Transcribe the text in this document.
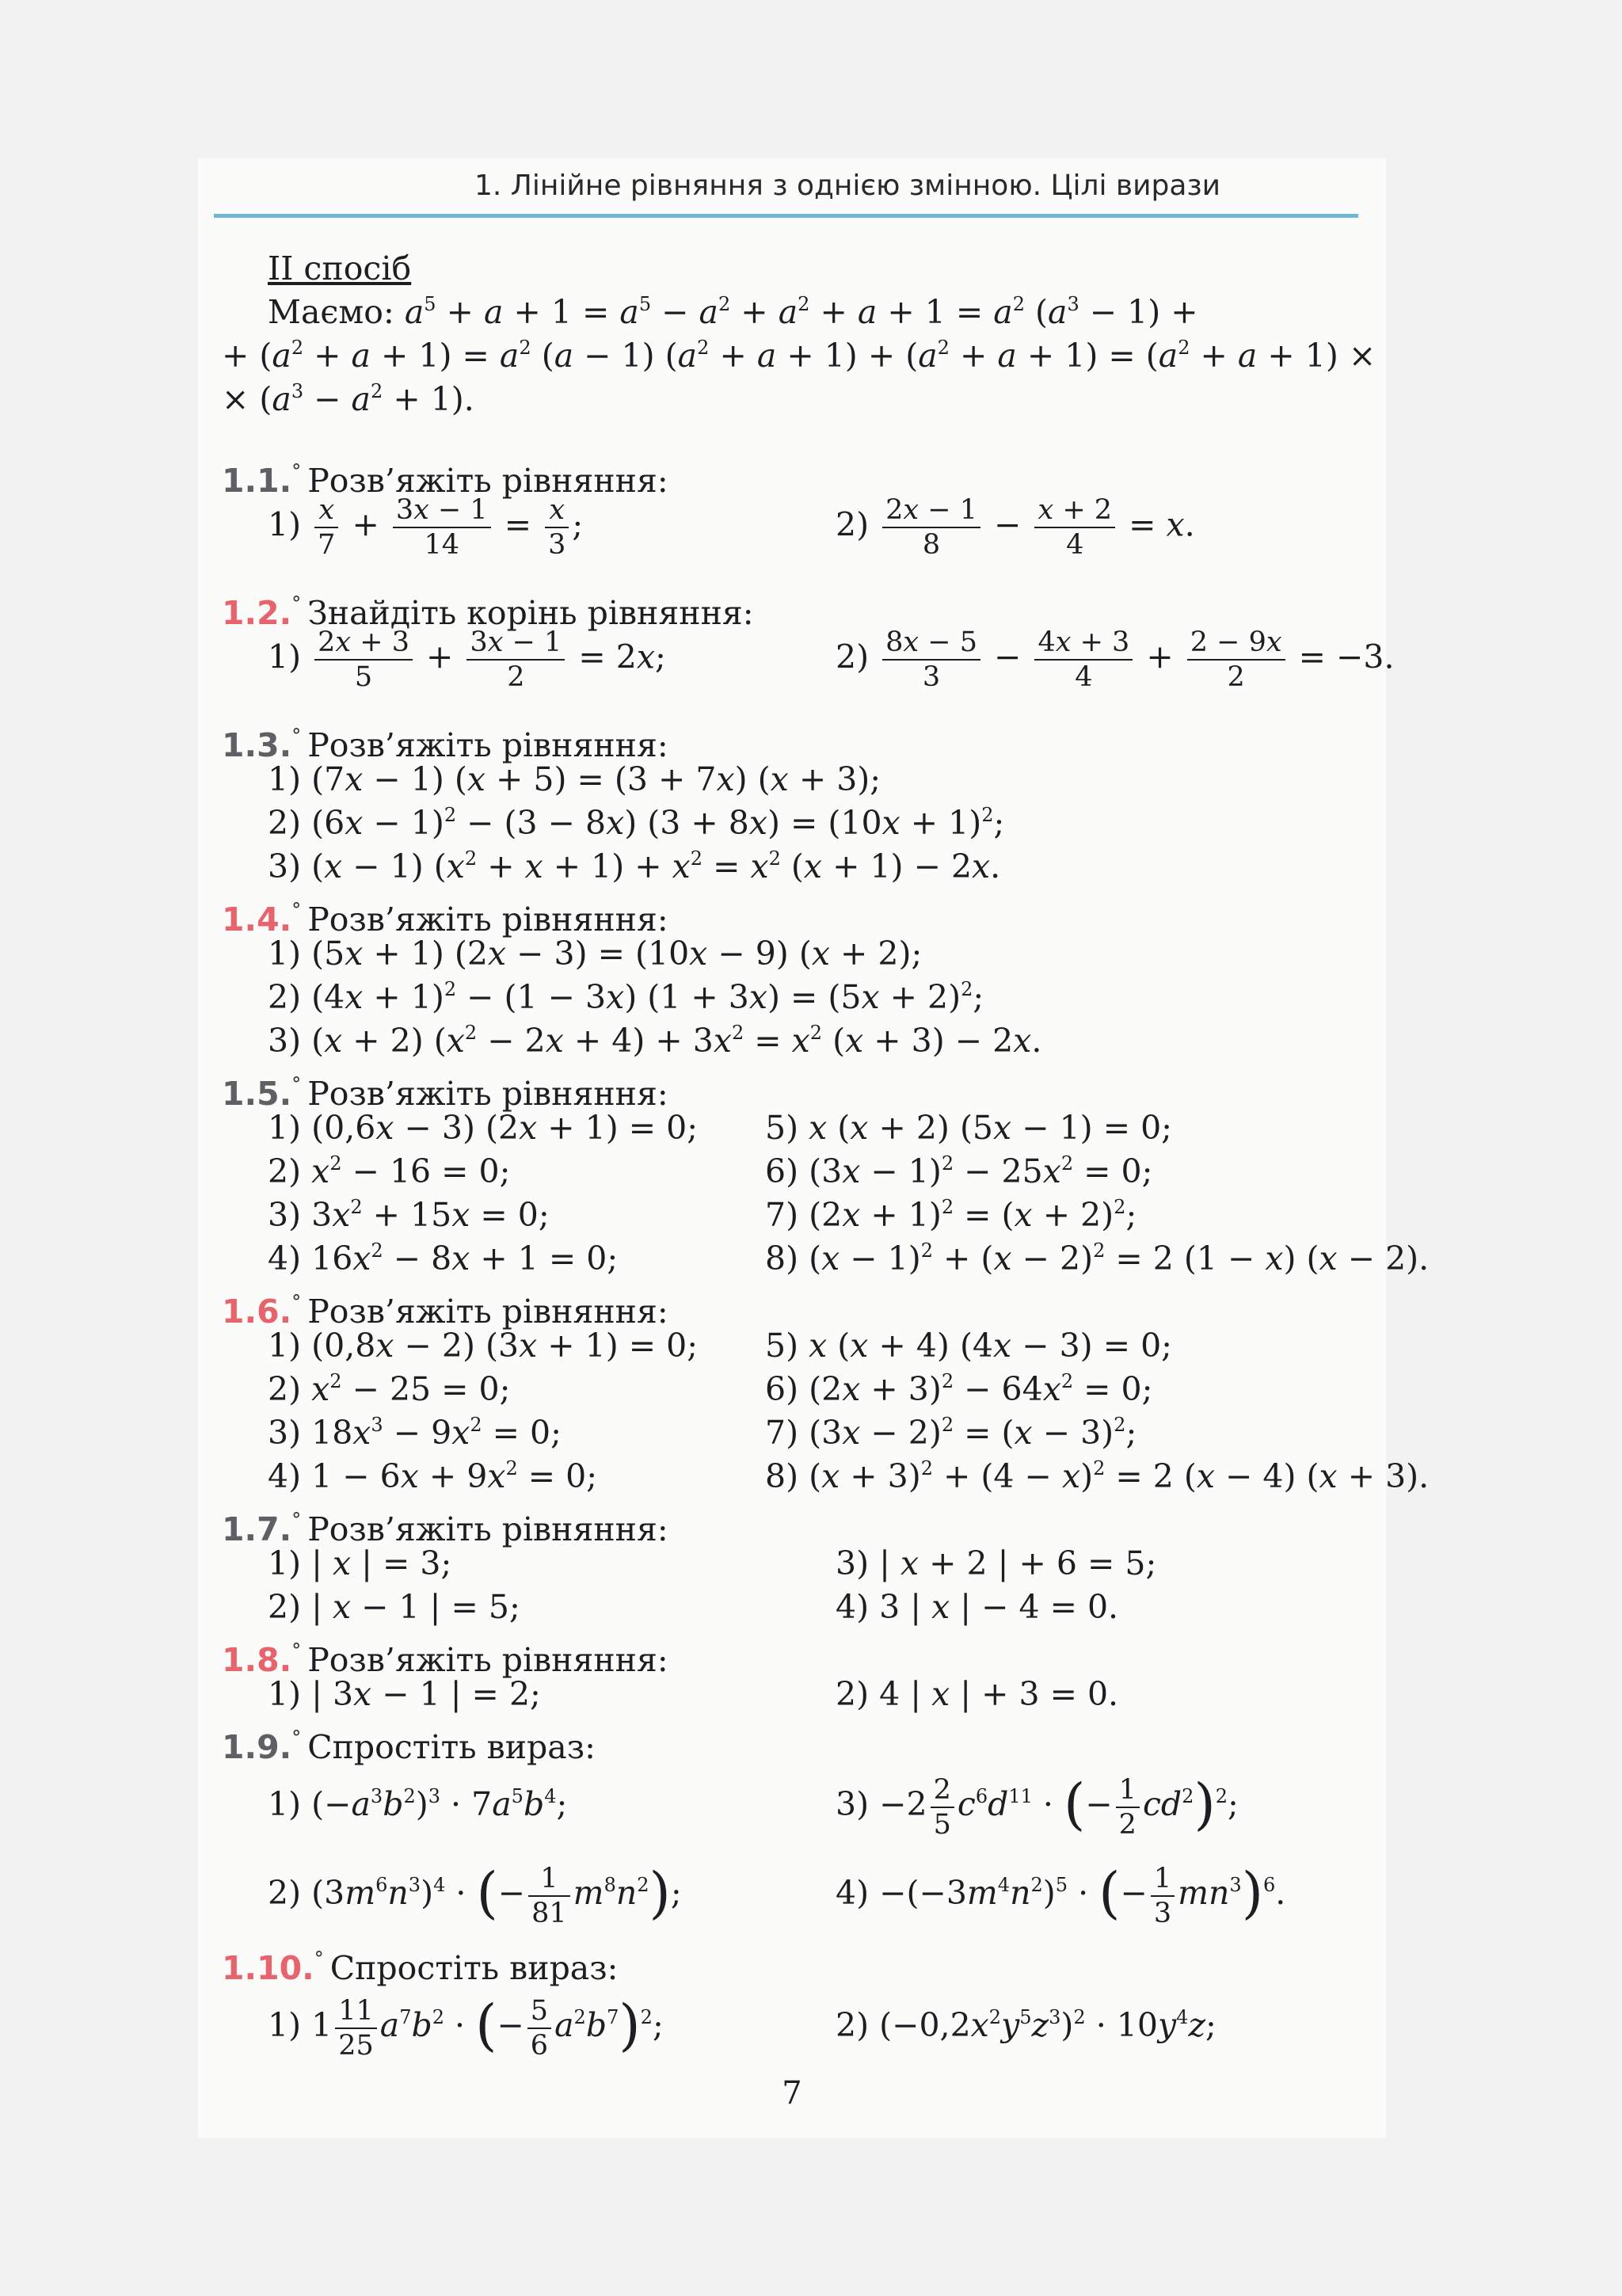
1. Лінійне рівняння з однією змінною. Цілі вирази
II спосіб
Маємо: $a^5 + a + 1 = a^5 - a^2 + a^2 + a + 1 = a^2$ $(a^3 - 1)$ +
+ $(a^2 + a + 1) = a^2$ (a − 1) $(a^2 + a + 1) + (a^2 + a + 1) = (a^2 + a + 1)$ ×
× $(a^3 - a^2 + 1)$.
1.1.° Розв’яжіть рівняння:
$1) \frac{x}{7} + \frac{3x - 1}{14} = \frac{x}{3}$ ;	$2) \frac{2x - 1}{8} - \frac{x + 2}{4} = x$.
1.2.° Знайдіть корінь рівняння:
$1) \frac{2x + 3}{5} + \frac{3x - 1}{2} = 2x$;	$2) \frac{8x - 5}{3} - \frac{4x + 3}{4} + \frac{2 - 9x}{2} = -3$.
1.3.° Розв’яжіть рівняння:
1) (7x − 1) (x + 5) = (3 + 7x) (x + 3);
2) $(6x - 1)^2 - (3 - 8x)$ $(3 + 8x) = (10x + 1)^2$;
3) (x − 1) $(x^2 + x + 1) + x^2 = x^2$ (x + 1) − 2x.
1.4.° Розв’яжіть рівняння:
1) (5x + 1) (2x − 3) = (10x − 9) (x + 2);
2) $(4x + 1)^2 - (1 - 3x)$ $(1 + 3x) = (5x + 2)^2$;
3) (x + 2) $(x^2 - 2x + 4) + 3x^2 = x^2$ (x + 3) − 2x.
1.5.° Розв’яжіть рівняння:
1) (0,6x − 3) (2x + 1) = 0; 5) x (x + 2) (5x − 1) = 0;
2) $x^2 - 16 = 0$;	6) $(3x - 1)^2 - 25x^2 = 0$;
3) $3x^2 + 15x = 0$;	7) $(2x + 1)^2 = (x + 2)^2$;
4) $16x^2 - 8x + 1 = 0$;	8) $(x - 1)^2 + (x - 2)^2 = 2$ (1 − x) (x − 2).
1.6.° Розв’яжіть рівняння:
1) (0,8x − 2) (3x + 1) = 0; 5) x (x + 4) (4x − 3) = 0;
2) $x^2 - 25 = 0$;	6) $(2x + 3)^2 - 64x^2 = 0$;
3) $18x^3 - 9x^2 = 0$;	7) $(3x - 2)^2 = (x - 3)^2$;
4) $1 - 6x + 9x^2 = 0$;	8) $(x + 3)^2 + (4 - x)^2 = 2$ (x − 4) (x + 3).
1.7.° Розв’яжіть рівняння:
1) | x | = 3;	3) | x + 2 | + 6 = 5;
2) | x − 1 | = 5;	4) 3 | x | − 4 = 0.
1.8.° Розв’яжіть рівняння:
1) | 3x − 1 | = 2;	2) 4 | x | + 3 = 0.
1.9.° Спростіть вираз:
1) $(-a^3b^2)^3 \cdot 7a^5b^4$;	$3) -2 \frac{2}{5} c^6d^{11}$ · (− $\frac{1}{2} cd^2)^2$;
2) $(3m^6n^3)^4$ · (− $\frac{1}{81} m^8n^2$);	$4) -(-3m^4n^2)^5$ · (− $\frac{1}{3} mn^3)^6$.
1.10.° Спростіть вираз:
1) $1 \frac{11}{25} a^7b^2$ · (− $\frac{5}{6} a^2b^7)^2$;	2) $(-0,2x^2y^5z^3)^2 \cdot 10y^4z$;
7
